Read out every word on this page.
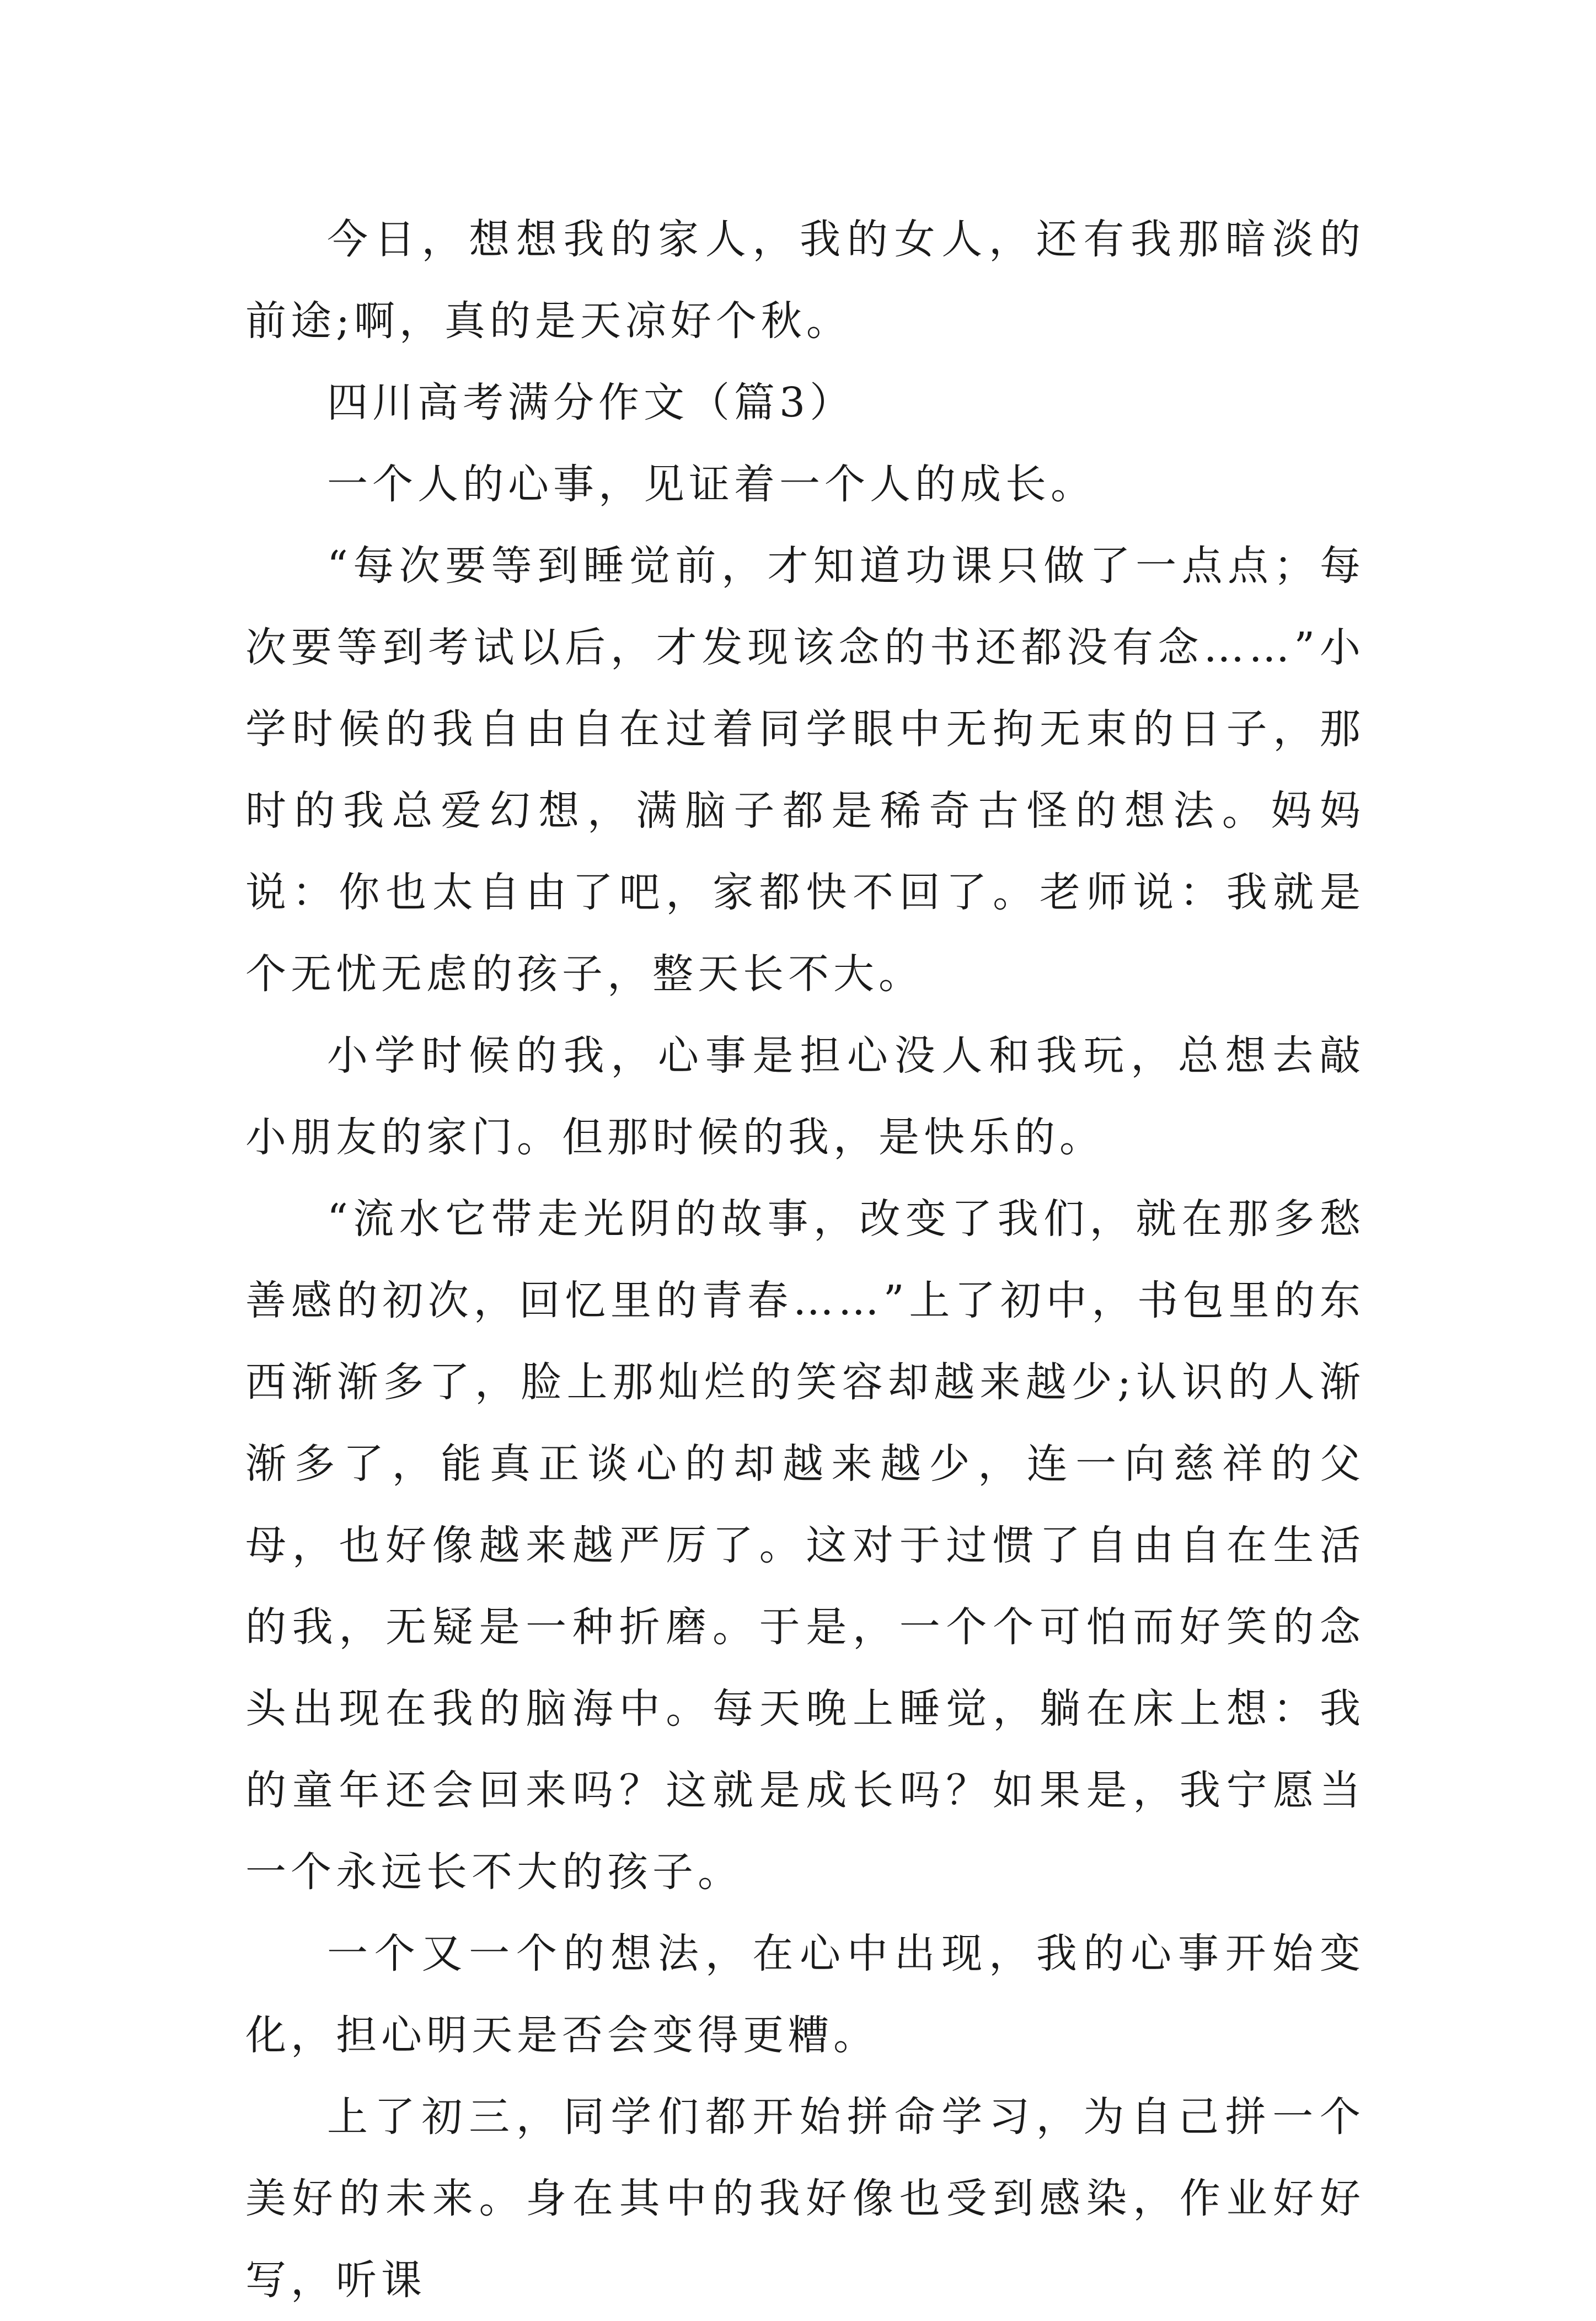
今日，想想我的家人，我的女人，还有我那暗淡的前途;啊，真的是天凉好个秋。

四川高考满分作文（篇3）

一个人的心事，见证着一个人的成长。

“每次要等到睡觉前，才知道功课只做了一点点；每次要等到考试以后，才发现该念的书还都没有念……”小学时候的我自由自在过着同学眼中无拘无束的日子，那时的我总爱幻想，满脑子都是稀奇古怪的想法。妈妈说：你也太自由了吧，家都快不回了。老师说：我就是个无忧无虑的孩子，整天长不大。

小学时候的我，心事是担心没人和我玩，总想去敲小朋友的家门。但那时候的我，是快乐的。

“流水它带走光阴的故事，改变了我们，就在那多愁善感的初次，回忆里的青春……”上了初中，书包里的东西渐渐多了，脸上那灿烂的笑容却越来越少;认识的人渐渐多了，能真正谈心的却越来越少，连一向慈祥的父母，也好像越来越严厉了。这对于过惯了自由自在生活的我，无疑是一种折磨。于是，一个个可怕而好笑的念头出现在我的脑海中。每天晚上睡觉，躺在床上想：我的童年还会回来吗？这就是成长吗？如果是，我宁愿当一个永远长不大的孩子。

一个又一个的想法，在心中出现，我的心事开始变化，担心明天是否会变得更糟。

上了初三，同学们都开始拼命学习，为自己拼一个美好的未来。身在其中的我好像也受到感染，作业好好写，听课
